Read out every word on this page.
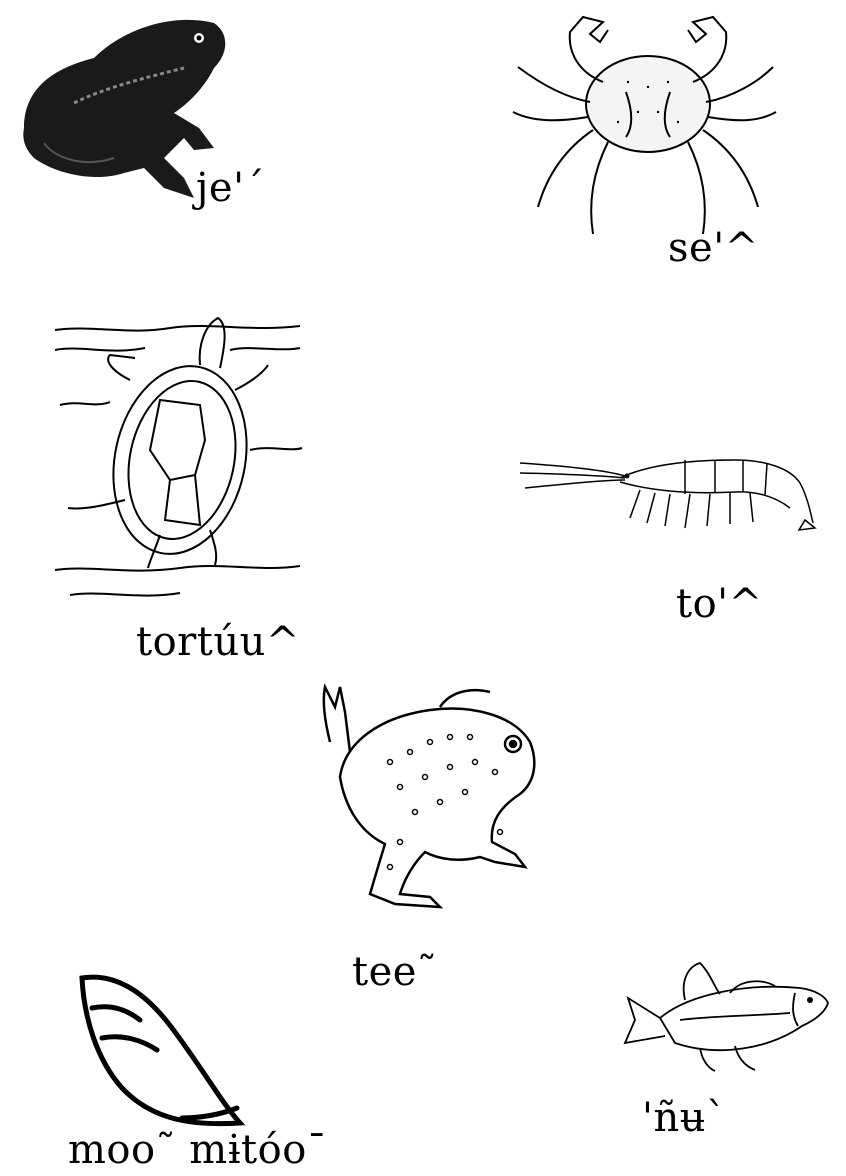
je'´
se'^
tortúu^
to'^
tee˜
moo˜ mɨtóo¯
'ñʉ`
